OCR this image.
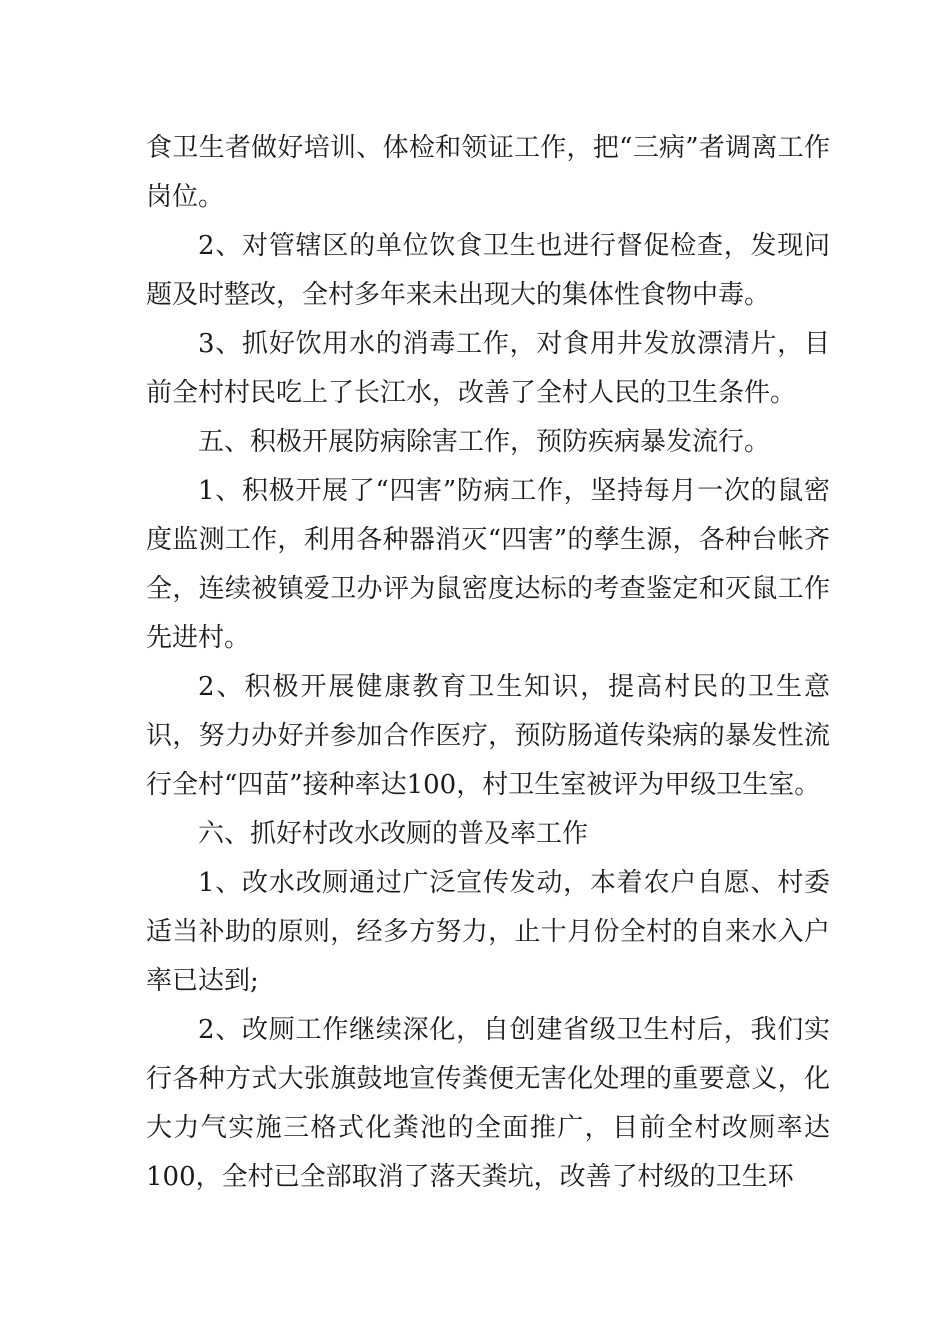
食卫生者做好培训、体检和领证工作，把“三病”者调离工作岗位。

2、对管辖区的单位饮食卫生也进行督促检查，发现问题及时整改，全村多年来未出现大的集体性食物中毒。

3、抓好饮用水的消毒工作，对食用井发放漂清片，目前全村村民吃上了长江水，改善了全村人民的卫生条件。

五、积极开展防病除害工作，预防疾病暴发流行。

1、积极开展了“四害”防病工作，坚持每月一次的鼠密度监测工作，利用各种器消灭“四害”的孳生源，各种台帐齐全，连续被镇爱卫办评为鼠密度达标的考查鉴定和灭鼠工作先进村。

2、积极开展健康教育卫生知识，提高村民的卫生意识，努力办好并参加合作医疗，预防肠道传染病的暴发性流行全村“四苗”接种率达100，村卫生室被评为甲级卫生室。

六、抓好村改水改厕的普及率工作

1、改水改厕通过广泛宣传发动，本着农户自愿、村委适当补助的原则，经多方努力，止十月份全村的自来水入户率已达到;

2、改厕工作继续深化，自创建省级卫生村后，我们实行各种方式大张旗鼓地宣传粪便无害化处理的重要意义，化大力气实施三格式化粪池的全面推广，目前全村改厕率达100，全村已全部取消了落天粪坑，改善了村级的卫生环
